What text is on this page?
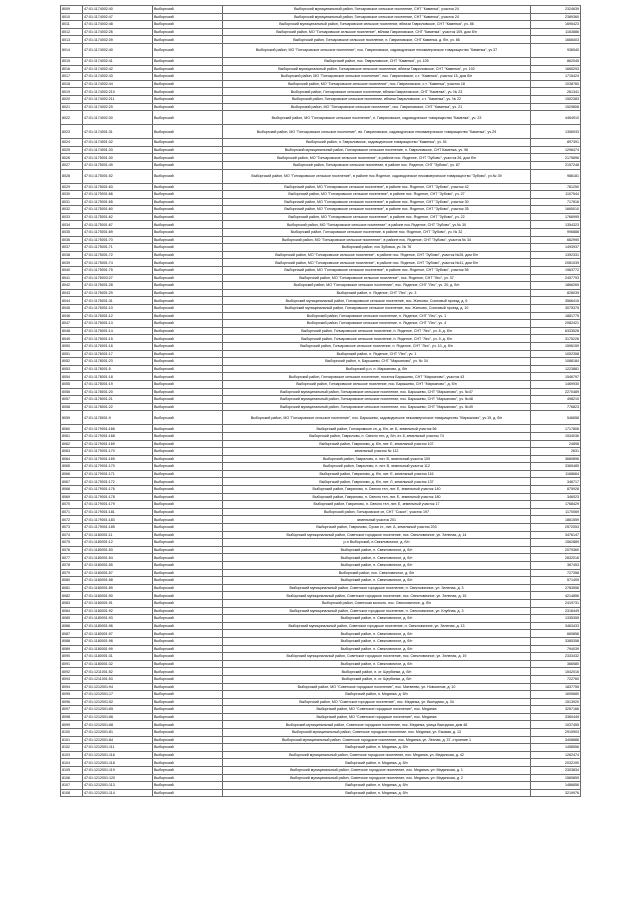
8009	47:01:1174002:40	Выборгский	Выборгский муниципальный район, Гончаровское сельское поселение, СНТ "Каменка", участок 24	2324639
8010	47:01:1174002:47	Выборгский	Выборгский муниципальный район, Гончаровское сельское поселение, СНТ "Каменка", участок 24	2389360
8011	47:01:1174002:48	Выборгский	Выборгский муниципальный район, Гончаровское сельское поселение, вблизи Гавриловское, СНТ "Каменка", уч. 86	1695423
8012	47:01:1174002:26	Выборгский	Выборгский район, МО "Гончаровское сельское поселение", вблизи Гавриловское, СНТ "Каменка", участок 109, дом б/н	1163886
8013	47:01:1174002:39	Выборгский	Выборгский район, Гончаровское сельское поселение, п. Гавриловское, СНТ Каменка, д. б/н, уч. 86	1668403
8014	47:01:1174002:40	Выборгский	Выборгский район, МО "Гончаровское сельское поселение", пос. Гавриловское, садоводческое некоммерческое товарищество "Каменка", уч.37	936540
8015	47:01:1174002:41	Выборгский	Выборгский район, пос. Гавриловское, СНТ "Каменка", уч. 105	862045
8016	47:01:1174002:42	Выборгский	Выборгский муниципальный район, Гончаровское сельское поселение, вблизи Гавриловское, СНТ "Каменка", уч. 102	1665293
8017	47:01:1174002:43	Выборгский	Выборгский район, МО "Гончаровское сельское поселение", пос. Гавриловское, с.т. "Каменка", участок 15, дом б/н	1715424
8018	47:01:1174002:44	Выборгский	Выборгский район, МО "Гончаровское сельское поселение", пос. Гавриловское, с.т. "Каменка", участок 18	1038760
8019	47:01:1174002:210	Выборгский	Выборгский район, Гончаровское сельское поселение, вблизи Гавриловское, СНТ "Каменка", уч. № 23	261341
8020	47:01:1174002:211	Выборгский	Выборгский район, Гончаровское сельское поселение, вблизи Гавриловское, с.т. "Каменка", уч. № 22	1502383
8021	47:01:1174002:29	Выборгский	Выборгский район, МО "Гончаровское сельское поселение", пос. Гавриловское, СНТ "Каменка", уч. 21	1529808
8022	47:01:1174002:30	Выборгский	Выборгский район, МО "Гончаровское сельское поселение", п. Гавриловское, садоводческое товарищество "Каменка", уч. 23	4464910
8023	47:01:1174001:31	Выборгский	Выборгский район, МО "Гончаровское сельское поселение", вл. Гавриловское, садоводческое некоммерческое товарищество "Каменка", уч.29	1356933
8024	47:01:1174001:32	Выборгский	Выборгский район, п. Гавриловское, садоводческое товарищество "Каменка", уч. 51	897391
8025	47:01:1174001:33	Выборгский	Выборгский муниципальный район, Гончаровское сельское поселение, п. Гавриловское, СНТ Каменка, уч. 96	1296474
8026	47:01:1175001:30	Выборгский	Выборгский район, МО "Гончаровское сельское поселение", в районе пос. Яхденое, СНТ "Зубово", участок 26, дом б/н	2175896
8027	47:01:1175001:49	Выборгский	Выборгский район, Гончаровское сельское поселение, в районе пос. Яхденое, СНТ "Зубово", уч. 87	2157248
8028	47:01:1175001:52	Выборгский	Выборгский район, МО "Гончаровское сельское поселение", в районе пос.Яхденое, садоводческое некоммерческое товарищество "Зубово", уч.№ 39	988181
8029	47:01:1175001:63	Выборгский	Выборгский район, МО "Гончаровское сельское поселение", в районе пос. Яхденое, СНТ "Зубово", участок 42	781250
8030	47:01:1175001:66	Выборгский	Выборгский район, МО "Гончаровское сельское поселение", в районе пос. Яхденое, СНТ "Зубово", уч. 27	1107544
8031	47:01:1175001:65	Выборгский	Выборгский район, МО "Гончаровское сельское поселение", в районе пос. Яхденое, СНТ "Зубово", участок 30	717816
8032	47:01:1175001:60	Выборгский	Выборгский район, МО "Гончаровское сельское поселение", в районе пос. Яхденое, СНТ "Зубово", участок 35	1665010
8033	47:01:1175001:62	Выборгский	Выборгский район, МО "Гончаровское сельское поселение", в районе пос. Яхденое, СНТ "Зубово", уч. 22	1766995
8034	47:01:1175001:67	Выборгский	Выборгский район, МО "Гончаровское сельское поселение", в районе пос.Яхденое, СНТ "Зубово", уч.№ 30	1354323
8035	47:01:1175001:69	Выборгский	Выборгский район, Гончаровское сельское поселение, в районе пос. Яхденое, СНТ "Зубово", уч. № 32	996888
8036	47:01:1175001:70	Выборгский	Выборгский район, МО "Гончаровское сельское поселение", в районе пос. Яхденое, СНТ "Зубово", участок № 34	662990
8037	47:01:1175001:71	Выборгский	Выборгский район, пос Зубовка, уч. № 76	1493937
8038	47:01:1175001:72	Выборгский	Выборгский район, МО "Гончаровское сельское поселение", в районе пос. Яхденое, СНТ "Зубово", участок №26, дом б/н	1392331
8039	47:01:1175001:74	Выборгский	Выборгский район, МО "Гончаровское сельское поселение", в районе пос. Яхденое, СНТ "Зубово", участок №41, дом б/н	2081039
8040	47:01:1175001:75	Выборгский	Выборгский район, МО "Гончаровское сельское поселение", в районе пос. Яхденое, СНТ "Зубово", участок 55	1963772
8041	47:01:1176003:27	Выборгский	Выборгский район, МО "Гончаровское сельское поселение", пос. Яхденое, СНТ "Лес", уч. 37	2497793
8042	47:01:1176001:28	Выборгский	Выборгский район, МО "Гончаровское сельское поселение", пос. Яхденое, СНТ "Лес", уч. 20, д. б/н	1866269
8043	47:01:1176001:29	Выборгский	Выборгский район, п. Яхденое, СНТ "Лес", уч. 3	828039
8044	47:01:1176001:31	Выборгский	Выборгский муниципальный район, Гончаровское сельское поселение, пос. Житково, Сосновый проезд, д. 6	3566415
8045	47:01:1176001:10	Выборгский	Выборгский муниципальный район, Гончаровское сельское поселение, пос. Житково, Сосновый проезд, д. 10	3075375
8046	47:01:1176001:12	Выборгский	Выборгский район, Гончаровское сельское поселение, п. Яхденое, СНТ "Лес", уч. 1	1881775
8047	47:01:1176001:13	Выборгский	Выборгский район, Гончаровское сельское поселение, п. Яхденое, СНТ "Лес", уч. 4	2082421
8048	47:01:1176001:14	Выборгский	Выборгский район, Гончаровское сельское поселение, п. Яхденое, СНТ "Лес", уч. 8, д. б/н	6333528
8049	47:01:1176001:15	Выборгский	Выборгский район, Гончаровское сельское поселение, п. Яхденое, СНТ "Лес", уч. 9, д. б/н	3175226
8050	47:01:1176001:16	Выборгский	Выборгский район, Гончаровское сельское поселение, п. Яхденое, СНТ "Лес", уч. 10, д. б/н	1596159
8051	47:01:1176001:17	Выборгский	Выборгский район, п. Яхденое, СНТ "Лес", уч. 1	1052358
8052	47:01:1178001:23	Выборгский	Выборгский район, п. Барышево, СНТ "Марьяново", уч. № 34	1088184
8053	47:01:1178001:5	Выборгский	Выборгский р-н, п. Марьяново, д. б/н	1223881
8054	47:01:1178001:18	Выборгский	Выборгский район, Гончаровское сельское поселение, поселок Барышево, СНТ "Марьяново", участок 43	1546797
8055	47:01:1178001:19	Выборгский	Выборгский район, Гончаровское сельское поселение, пос. Барышево, СНТ "Марьяново", д. б/н	1469930
8056	47:01:1178001:20	Выборгский	Выборгский муниципальный район, Гончаровское сельское поселение, пос. Барышево, СНТ "Марьяново", уч. №47	2270489
8057	47:01:1178001:21	Выборгский	Выборгский муниципальный район, Гончаровское сельское поселение, пос. Барышево, СНТ "Марьяново", уч. №48	498210
8058	47:01:1178001:22	Выборгский	Выборгский муниципальный район, Гончаровское сельское поселение, пос. Барышево, СНТ "Марьяново", уч. №49	776823
8059	47:01:1178001:9	Выборгский	Выборгский район, МО "Гончаровское сельское поселение", пос. Барышево, садоводческое некоммерческое товарищество "Марьяново", уч.19, д. б/н	546658
8060	47:01:1179001:166	Выборгский	Выборгский район, Гончаровское сп, д. б/н, ат. Б, земельный участок 56	1717806
8061	47:01:1179001:168	Выборгский	Выборгский район, Гаврилово, п. Свекло тел, д. б/н, ат. 8, земельный участок 74	1534036
8062	47:01:1179001:169	Выборгский	Выборгский район, Гаврилово, д. б/н, лит. Е, земельный участок 107	24898
8063	47:01:1179001:170	Выборгский	земельный участок № 112	2631
8064	47:01:1179001:169	Выборгский	Выборгский район, Гаврилово, п. лит. В, земельный участок 109	3689896
8065	47:01:1179001:170	Выборгский	Выборгский район, Гаврилово, п. лит. В, земельный участок 112	3365485
8066	47:01:1179001:171	Выборгский	Выборгский район, Гаврилово, д. б/н, лит. Е, земельный участок 116	1168664
8067	47:01:1179001:172	Выборгский	Выборгский район, Гаврилово, д. б/н, лит. Л, земельный участок 137	346717
8068	47:01:1179001:176	Выборгский	Выборгский район, Гаврилово, п. Свекло тел, лит. Е, земельный участок 140	875928
8069	47:01:1179001:178	Выборгский	Выборгский район, Гаврилово, п. Свекло тел, лит. Е, земельный участок 180	346023
8070	47:01:1179001:179	Выборгский	Выборгский район, Гаврилово, п. Свекло тел, лит. Е, земельный участок 17	1768429
8071	47:01:1179001:181	Выборгский	Выборгский район, Гончаровское сп, СНТ "Сокол", участок 197	1170069
8072	47:01:1179001:183	Выборгский	земельный участок 201	1861559
8073	47:01:1179001:185	Выборгский	Выборгский район, Гаврилово, Сухая ст., лит. А, земельный участок 203	2572053
8074	47:01:1180001:11	Выборгский	Выборгский муниципальный район, Советское городское поселение, пос. Свекловичное, ул. Зеленая, д. 14	3476147
8075	47:01:1180001:12	Выборгский	р-н Выборгский, п.Свекловичное, д. б/н	1562889
8076	47:01:1180001:53	Выборгский	Выборгский район, п. Свекловичное, д. б/н	2079360
8077	47:01:1180001:54	Выборгский	Выборгский район, п. Свекловичное, д. б/н	2832016
8078	47:01:1180001:55	Выборгский	Выборгский район, п. Свекловичное, д. б/н	367453
8079	47:01:1180001:57	Выборгский	Выборгский район, пос. Свекловичное, д. б/н	727358
8080	47:01:1180001:58	Выборгский	Выборгский район, п. Свекловичное, д. б/н	571405
8081	47:01:1180001:89	Выборгский	Выборгский муниципальный район, Советское городское поселение, п. Свекловичное, ул. Зеленая, д. 3	2783556
8082	47:01:1180001:90	Выборгский	Выборгский муниципальный район, Советское городское поселение, пос. Свекловичное, ул. Зеленая, д. 15	4214856
8083	47:01:1180001:91	Выборгский	Выборгский район, Советская волость, пос. Свекловичное, д. б/н	2419731
8084	47:01:1180001:92	Выборгский	Выборгский муниципальный район, Советское городское поселение, п. Свекловичное, ул. Клубная, д. 3	2316449
8085	47:01:1180001:93	Выборгский	Выборгский район, п. Свекловичное, д. б/н	1335355
8086	47:01:1180001:96	Выборгский	Выборгский муниципальный район, Советское городское поселение, п. Свекловичное, ул. Зеленая, д. 13	3463433
8087	47:01:1180001:97	Выборгский	Выборгский район, п. Свекловичное, д. б/н	669856
8088	47:01:1180001:98	Выборгский	Выборгский район, п. Свекловичное, д. б/н	3385358
8089	47:01:1180001:99	Выборгский	Выборгский район, п. Свекловичное, д. б/н	794039
8090	47:01:1180001:31	Выборгский	Выборгский муниципальный район, Советское городское поселение, пос. Свекловичное, ул. Зеленая, д. 19	2333432
8091	47:01:1180001:32	Выборгский	Выборгский район, п. Свекловичное, д. б/н	366580
8092	47:01:1211001:52	Выборгский	Выборгский район, п. ст. Щербинки, д. б/н	1542016
8093	47:01:1211001:53	Выборгский	Выборгский район, п. ст. Щербинки, д. б/н	722760
8094	47:01:1212001:94	Выборгский	Выборгский район, МО "Советское городское поселение", пос. Матвеево, ул. Новоселов, д. 10	1837755
8095	47:01:1212001:17	Выборгский	Выборгский район, п. Медянка, д. б/н	1695680
8096	47:01:1212001:52	Выборгский	Выборгский район, МО "Советское городское поселение", пос. Медянка, ул. Выездная, д. 34	1513920
8097	47:01:1212001:65	Выборгский	Выборгский район, МО "Советское городское поселение", пос. Медянка	3257166
8098	47:01:1212001:66	Выборгский	Выборгский район, МО "Советское городское поселение", пос. Медянка	3360449
8099	47:01:1212001:68	Выборгский	Выборгский муниципальный район, Советское городское поселение, пос. Медянка, улица Выездная, дом 48	1037455
8100	47:01:1212001:81	Выборгский	Выборгский муниципальный район, Советское городское поселение, пос. Медянка, ул. Ежовая, д. 13	2919903
8101	47:01:1212001:84	Выборгский	Выборгский муниципальный район, Советское городское поселение, пос. Медянка, ул. Лесная, д. 37, строение 1	3408886
8102	47:01:1212001:111	Выборгский	Выборгский район, п. Медянка, д. б/н	1458556
8103	47:01:1212001:116	Выборгский	Выборгский муниципальный район, Советское городское поселение, пос. Медянка, ул. Медянская, д. 42	1262474
8104	47:01:1212001:118	Выборгский	Выборгский район, п. Медянка, д. б/н	2032190
8105	47:01:1212001:119	Выборгский	Выборгский муниципальный район, Советское городское поселение, пос. Медянка, ул. Медянская, д. 1	2303834
8106	47:01:1212001:120	Выборгский	Выборгский муниципальный район, Советское городское поселение, пос. Медянка, ул. Медянская, д. 2	1565859
8107	47:01:1212001:113	Выборгский	Выборгский район, п. Медянка, д. б/н	1486856
8108	47:01:1212001:114	Выборгский	Выборгский район, п. Медянка, д. б/н	3219976
